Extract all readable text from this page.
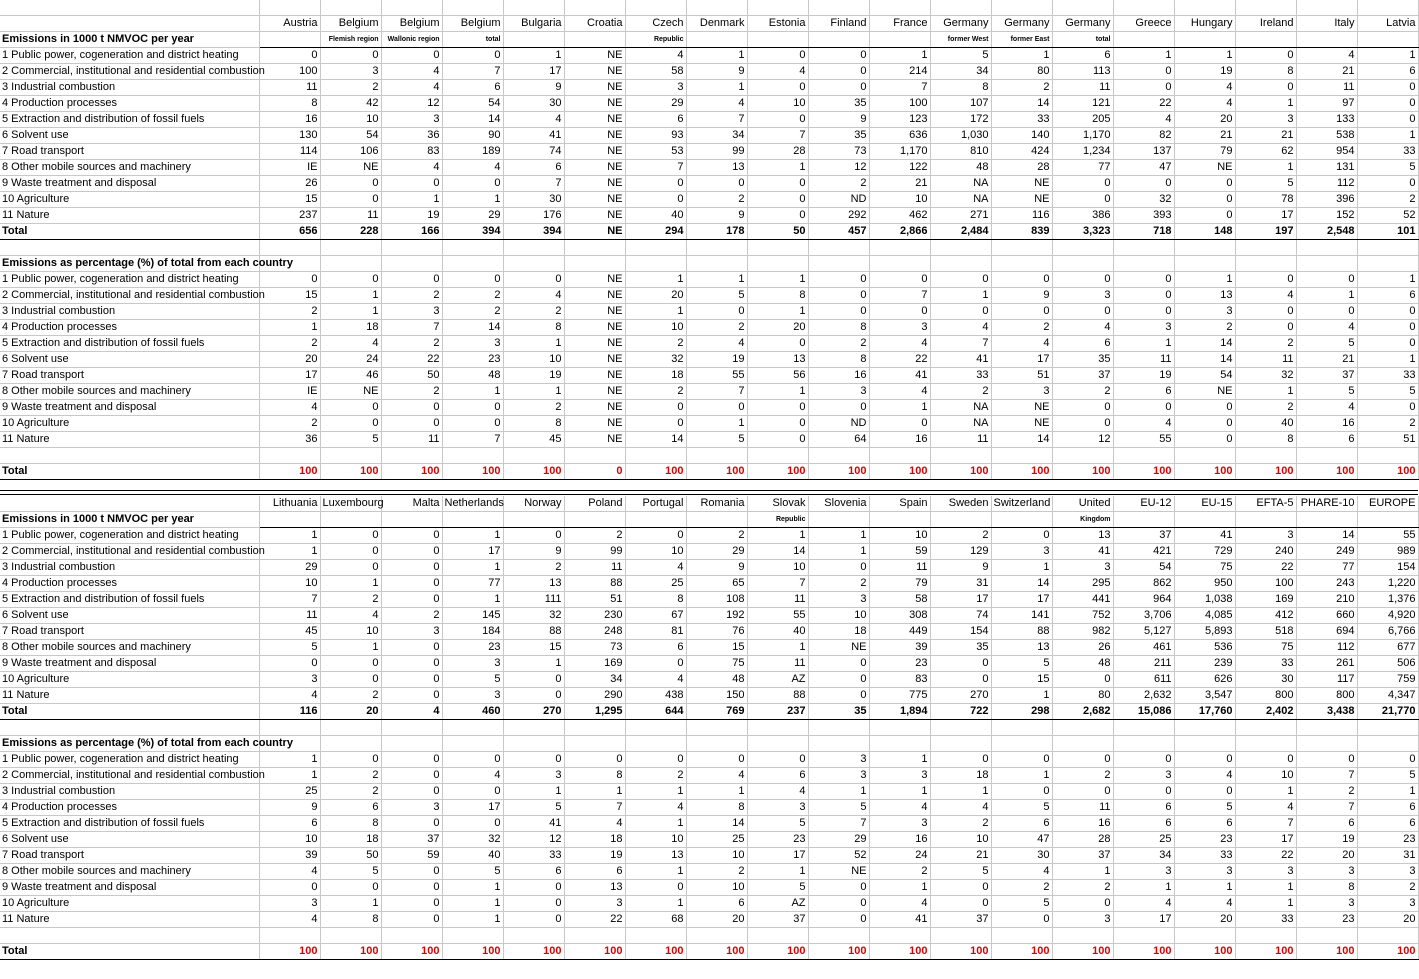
	Austria	Belgium	Belgium	Belgium	Bulgaria	Croatia	Czech	Denmark	Estonia	Finland	France	Germany	Germany	Germany	Greece	Hungary	Ireland	Italy	Latvia
Emissions in 1000 t NMVOC per year		Flemish region	Wallonic region	total			Republic					former West	former East	total					
1 Public power, cogeneration and district heating	0	0	0	0	1	NE	4	1	0	0	1	5	1	6	1	1	0	4	1
2 Commercial, institutional and residential combustion	100	3	4	7	17	NE	58	9	4	0	214	34	80	113	0	19	8	21	6
3 Industrial combustion	11	2	4	6	9	NE	3	1	0	0	7	8	2	11	0	4	0	11	0
4 Production processes	8	42	12	54	30	NE	29	4	10	35	100	107	14	121	22	4	1	97	0
5 Extraction and distribution of fossil fuels	16	10	3	14	4	NE	6	7	0	9	123	172	33	205	4	20	3	133	0
6 Solvent use	130	54	36	90	41	NE	93	34	7	35	636	1,030	140	1,170	82	21	21	538	1
7 Road transport	114	106	83	189	74	NE	53	99	28	73	1,170	810	424	1,234	137	79	62	954	33
8 Other mobile sources and machinery	IE	NE	4	4	6	NE	7	13	1	12	122	48	28	77	47	NE	1	131	5
9 Waste treatment and disposal	26	0	0	0	7	NE	0	0	0	2	21	NA	NE	0	0	0	5	112	0
10 Agriculture	15	0	1	1	30	NE	0	2	0	ND	10	NA	NE	0	32	0	78	396	2
11 Nature	237	11	19	29	176	NE	40	9	0	292	462	271	116	386	393	0	17	152	52
Total	656	228	166	394	394	NE	294	178	50	457	2,866	2,484	839	3,323	718	148	197	2,548	101

Emissions as percentage (%) of total from each country																			
1 Public power, cogeneration and district heating	0	0	0	0	0	NE	1	1	1	0	0	0	0	0	0	1	0	0	1
2 Commercial, institutional and residential combustion	15	1	2	2	4	NE	20	5	8	0	7	1	9	3	0	13	4	1	6
3 Industrial combustion	2	1	3	2	2	NE	1	0	1	0	0	0	0	0	0	3	0	0	0
4 Production processes	1	18	7	14	8	NE	10	2	20	8	3	4	2	4	3	2	0	4	0
5 Extraction and distribution of fossil fuels	2	4	2	3	1	NE	2	4	0	2	4	7	4	6	1	14	2	5	0
6 Solvent use	20	24	22	23	10	NE	32	19	13	8	22	41	17	35	11	14	11	21	1
7 Road transport	17	46	50	48	19	NE	18	55	56	16	41	33	51	37	19	54	32	37	33
8 Other mobile sources and machinery	IE	NE	2	1	1	NE	2	7	1	3	4	2	3	2	6	NE	1	5	5
9 Waste treatment and disposal	4	0	0	0	2	NE	0	0	0	0	1	NA	NE	0	0	0	2	4	0
10 Agriculture	2	0	0	0	8	NE	0	1	0	ND	0	NA	NE	0	4	0	40	16	2
11 Nature	36	5	11	7	45	NE	14	5	0	64	16	11	14	12	55	0	8	6	51

Total	100	100	100	100	100	0	100	100	100	100	100	100	100	100	100	100	100	100	100
	Lithuania	Luxembourg	Malta	Netherlands	Norway	Poland	Portugal	Romania	Slovak	Slovenia	Spain	Sweden	Switzerland	United	EU-12	EU-15	EFTA-5	PHARE-10	EUROPE
Emissions in 1000 t NMVOC per year									Republic					Kingdom					
1 Public power, cogeneration and district heating	1	0	0	1	0	2	0	2	1	1	10	2	0	13	37	41	3	14	55
2 Commercial, institutional and residential combustion	1	0	0	17	9	99	10	29	14	1	59	129	3	41	421	729	240	249	989
3 Industrial combustion	29	0	0	1	2	11	4	9	10	0	11	9	1	3	54	75	22	77	154
4 Production processes	10	1	0	77	13	88	25	65	7	2	79	31	14	295	862	950	100	243	1,220
5 Extraction and distribution of fossil fuels	7	2	0	1	111	51	8	108	11	3	58	17	17	441	964	1,038	169	210	1,376
6 Solvent use	11	4	2	145	32	230	67	192	55	10	308	74	141	752	3,706	4,085	412	660	4,920
7 Road transport	45	10	3	184	88	248	81	76	40	18	449	154	88	982	5,127	5,893	518	694	6,766
8 Other mobile sources and machinery	5	1	0	23	15	73	6	15	1	NE	39	35	13	26	461	536	75	112	677
9 Waste treatment and disposal	0	0	0	3	1	169	0	75	11	0	23	0	5	48	211	239	33	261	506
10 Agriculture	3	0	0	5	0	34	4	48	AZ	0	83	0	15	0	611	626	30	117	759
11 Nature	4	2	0	3	0	290	438	150	88	0	775	270	1	80	2,632	3,547	800	800	4,347
Total	116	20	4	460	270	1,295	644	769	237	35	1,894	722	298	2,682	15,086	17,760	2,402	3,438	21,770

Emissions as percentage (%) of total from each country																			
1 Public power, cogeneration and district heating	1	0	0	0	0	0	0	0	0	3	1	0	0	0	0	0	0	0	0
2 Commercial, institutional and residential combustion	1	2	0	4	3	8	2	4	6	3	3	18	1	2	3	4	10	7	5
3 Industrial combustion	25	2	0	0	1	1	1	1	4	1	1	1	0	0	0	0	1	2	1
4 Production processes	9	6	3	17	5	7	4	8	3	5	4	4	5	11	6	5	4	7	6
5 Extraction and distribution of fossil fuels	6	8	0	0	41	4	1	14	5	7	3	2	6	16	6	6	7	6	6
6 Solvent use	10	18	37	32	12	18	10	25	23	29	16	10	47	28	25	23	17	19	23
7 Road transport	39	50	59	40	33	19	13	10	17	52	24	21	30	37	34	33	22	20	31
8 Other mobile sources and machinery	4	5	0	5	6	6	1	2	1	NE	2	5	4	1	3	3	3	3	3
9 Waste treatment and disposal	0	0	0	1	0	13	0	10	5	0	1	0	2	2	1	1	1	8	2
10 Agriculture	3	1	0	1	0	3	1	6	AZ	0	4	0	5	0	4	4	1	3	3
11 Nature	4	8	0	1	0	22	68	20	37	0	41	37	0	3	17	20	33	23	20

Total	100	100	100	100	100	100	100	100	100	100	100	100	100	100	100	100	100	100	100
